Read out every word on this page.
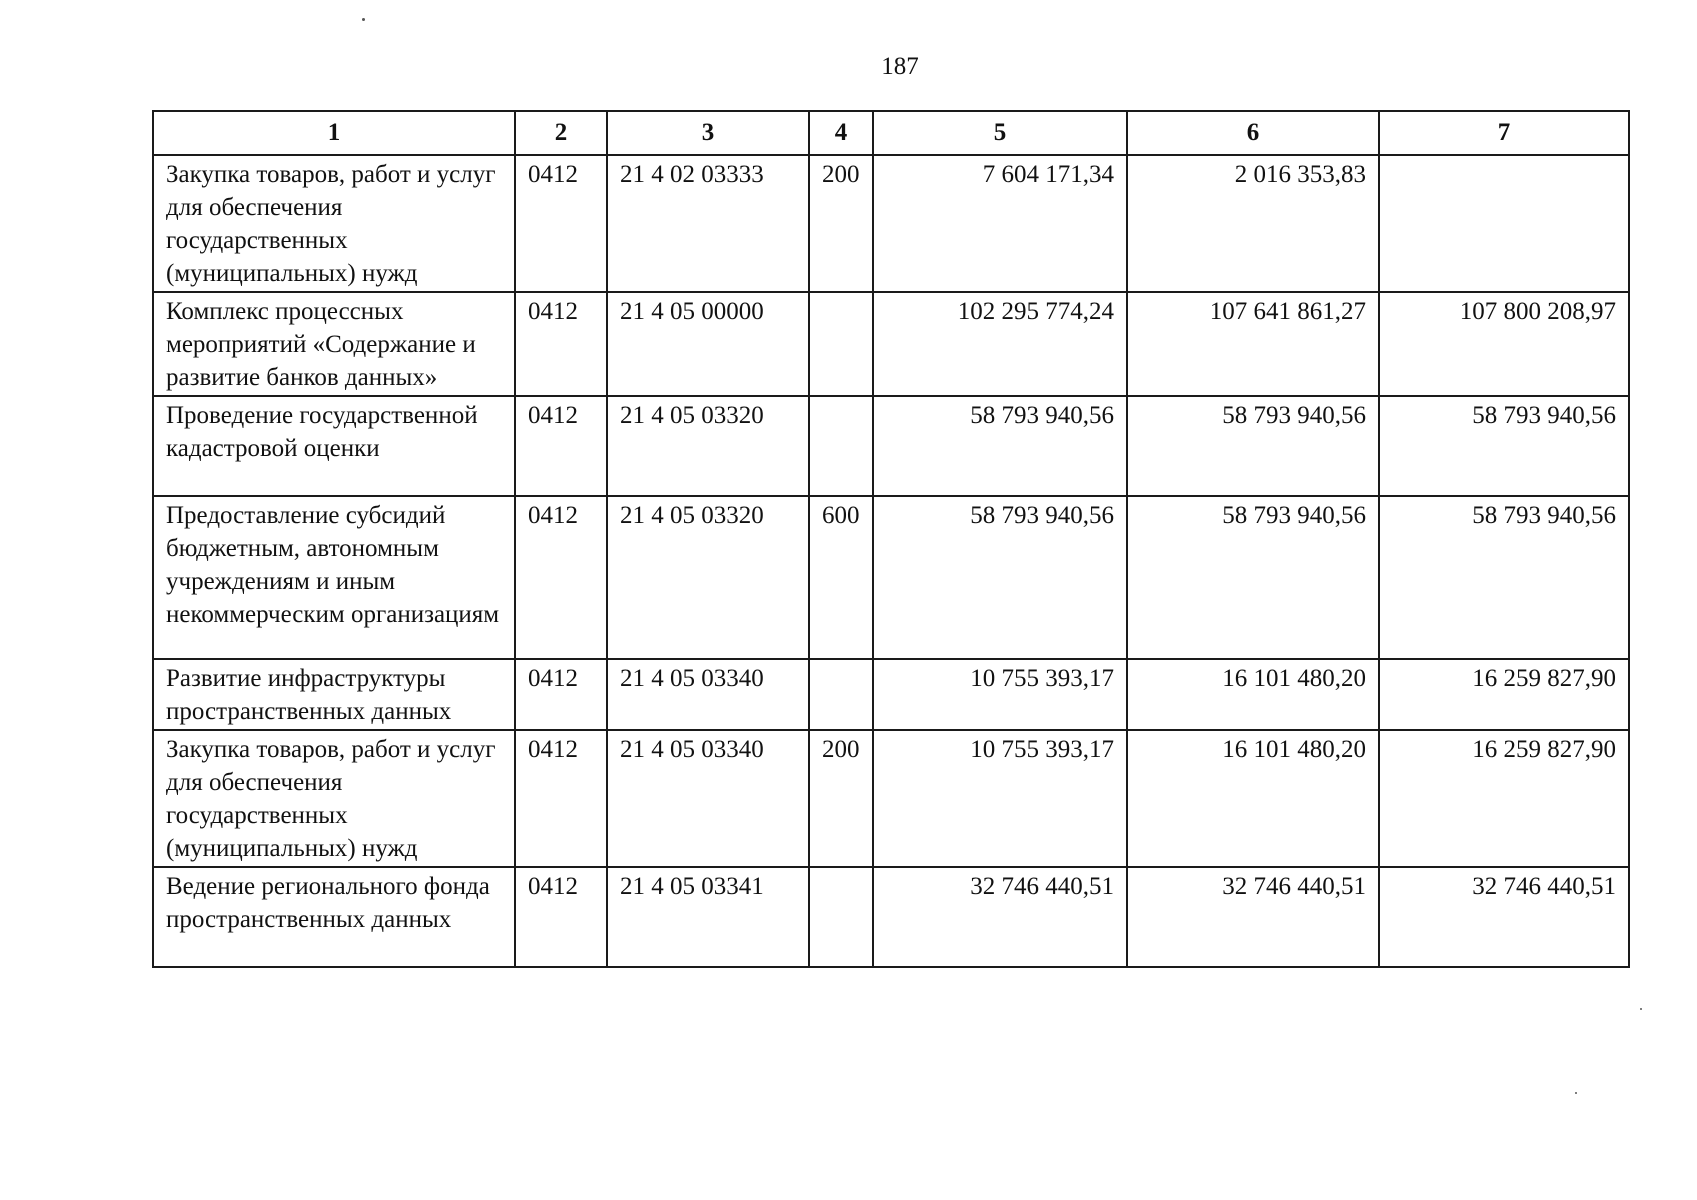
187
1	2	3	4	5	6	7
Закупка товаров, работ и услуг для обеспечения государственных (муниципальных) нужд	0412	21 4 02 03333	200	7 604 171,34	2 016 353,83	
Комплекс процессных мероприятий «Содержание и развитие банков данных»	0412	21 4 05 00000		102 295 774,24	107 641 861,27	107 800 208,97
Проведение государственной кадастровой оценки	0412	21 4 05 03320		58 793 940,56	58 793 940,56	58 793 940,56
Предоставление субсидий бюджетным, автономным учреждениям и иным некоммерческим организациям	0412	21 4 05 03320	600	58 793 940,56	58 793 940,56	58 793 940,56
Развитие инфраструктуры пространственных данных	0412	21 4 05 03340		10 755 393,17	16 101 480,20	16 259 827,90
Закупка товаров, работ и услуг для обеспечения государственных (муниципальных) нужд	0412	21 4 05 03340	200	10 755 393,17	16 101 480,20	16 259 827,90
Ведение регионального фонда пространственных данных	0412	21 4 05 03341		32 746 440,51	32 746 440,51	32 746 440,51
